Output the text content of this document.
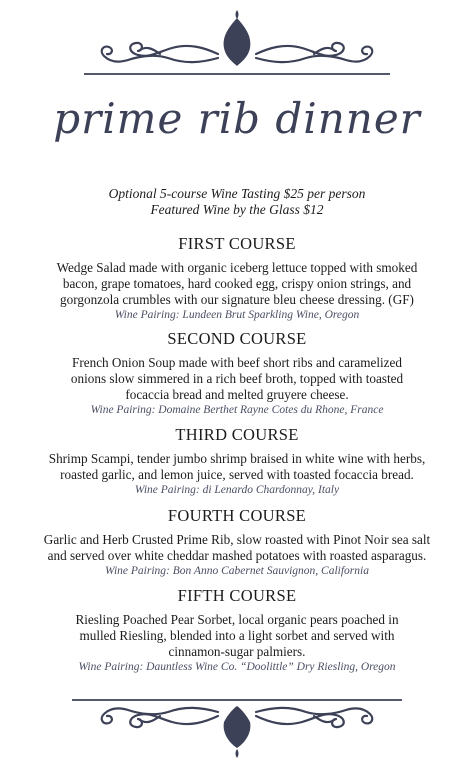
prime rib dinner
Optional 5-course Wine Tasting $25 per person
Featured Wine by the Glass $12
FIRST COURSE
Wedge Salad made with organic iceberg lettuce topped with smoked
bacon, grape tomatoes, hard cooked egg, crispy onion strings, and
gorgonzola crumbles with our signature bleu cheese dressing. (GF)
Wine Pairing: Lundeen Brut Sparkling Wine, Oregon
SECOND COURSE
French Onion Soup made with beef short ribs and caramelized
onions slow simmered in a rich beef broth, topped with toasted
focaccia bread and melted gruyere cheese.
Wine Pairing: Domaine Berthet Rayne Cotes du Rhone, France
THIRD COURSE
Shrimp Scampi, tender jumbo shrimp braised in white wine with herbs,
roasted garlic, and lemon juice, served with toasted focaccia bread.
Wine Pairing: di Lenardo Chardonnay, Italy
FOURTH COURSE
Garlic and Herb Crusted Prime Rib, slow roasted with Pinot Noir sea salt
and served over white cheddar mashed potatoes with roasted asparagus.
Wine Pairing: Bon Anno Cabernet Sauvignon, California
FIFTH COURSE
Riesling Poached Pear Sorbet, local organic pears poached in
mulled Riesling, blended into a light sorbet and served with
cinnamon-sugar palmiers.
Wine Pairing: Dauntless Wine Co. “Doolittle” Dry Riesling, Oregon
